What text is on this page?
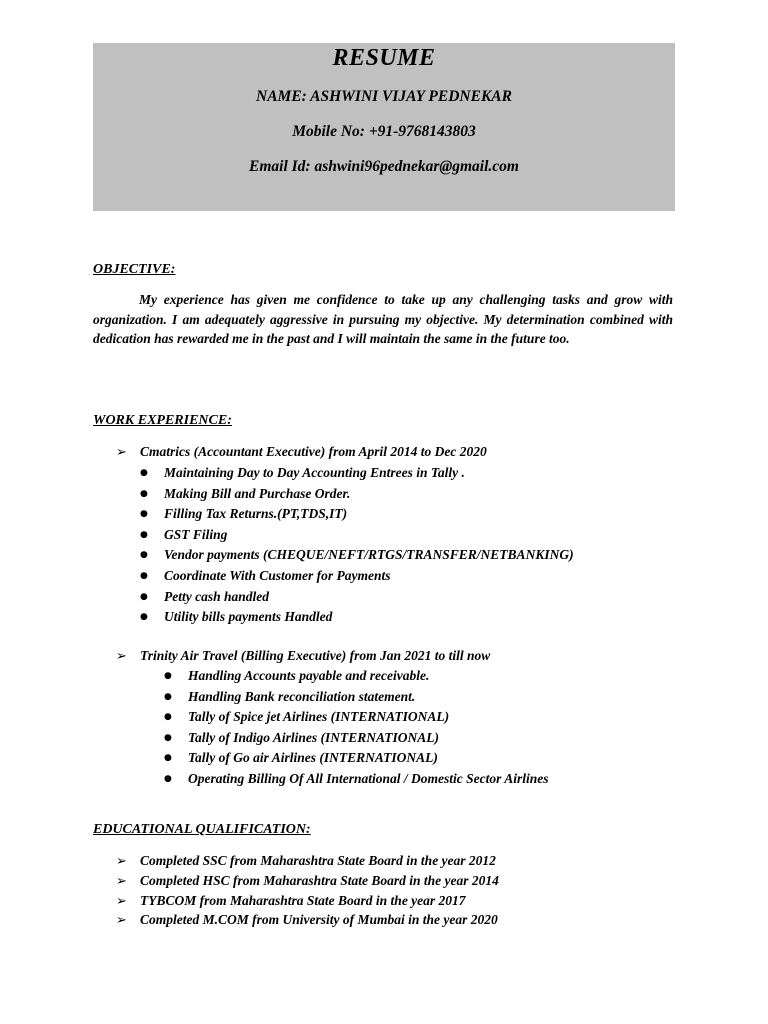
RESUME
NAME: ASHWINI VIJAY PEDNEKAR
Mobile No: +91-9768143803
Email Id: ashwini96pednekar@gmail.com
OBJECTIVE:

My experience has given me confidence to take up any challenging tasks and grow with organization. I am adequately aggressive in pursuing my objective. My determination combined with dedication has rewarded me in the past and I will maintain the same in the future too.

WORK EXPERIENCE:
➢ Cmatrics (Accountant Executive) from April 2014 to Dec 2020
● Maintaining Day to Day Accounting Entrees in Tally .
● Making Bill and Purchase Order.
● Filling Tax Returns.(PT,TDS,IT)
● GST Filing
● Vendor payments (CHEQUE/NEFT/RTGS/TRANSFER/NETBANKING)
● Coordinate With Customer for Payments
● Petty cash handled
● Utility bills payments Handled
➢ Trinity Air Travel (Billing Executive) from Jan 2021 to till now
● Handling Accounts payable and receivable.
● Handling Bank reconciliation statement.
● Tally of Spice jet Airlines (INTERNATIONAL)
● Tally of Indigo Airlines (INTERNATIONAL)
● Tally of Go air Airlines (INTERNATIONAL)
● Operating Billing Of All International / Domestic Sector Airlines
EDUCATIONAL QUALIFICATION:
➢ Completed SSC from Maharashtra State Board in the year 2012
➢ Completed HSC from Maharashtra State Board in the year 2014
➢ TYBCOM from Maharashtra State Board in the year 2017
➢ Completed M.COM from University of Mumbai in the year 2020
